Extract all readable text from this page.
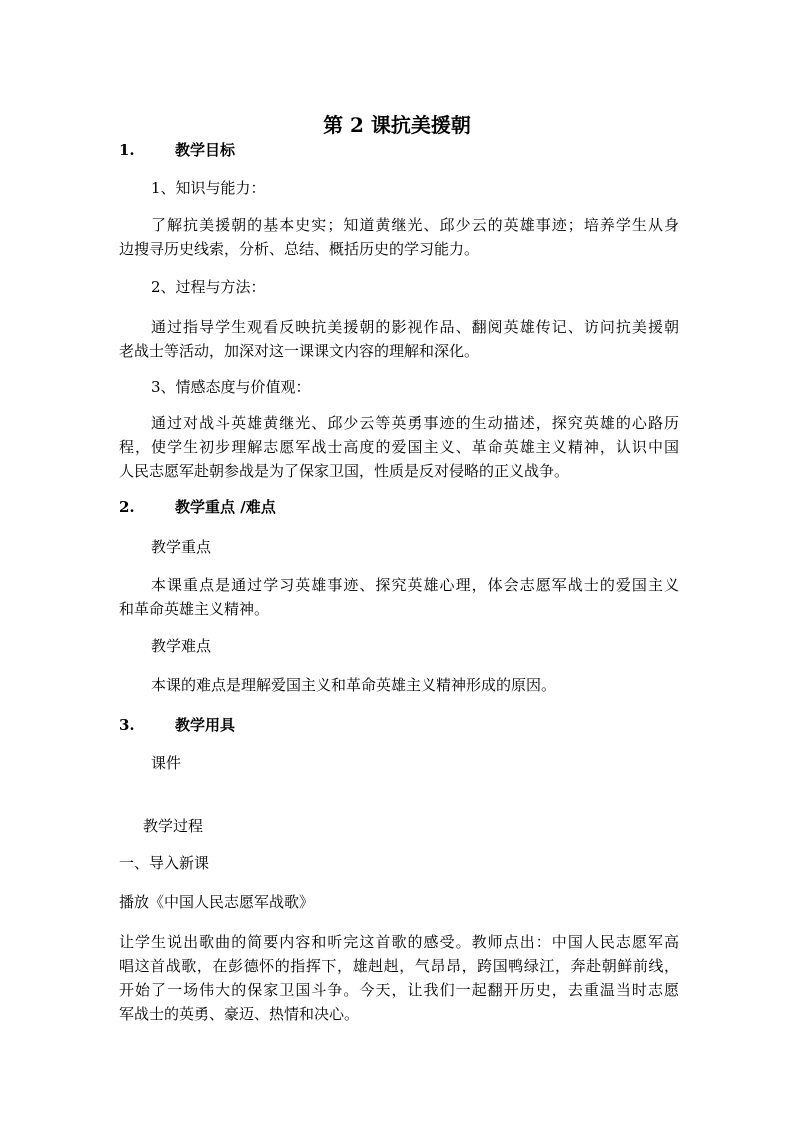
第 2 课抗美援朝
1.	教学目标
1、知识与能力：
了解抗美援朝的基本史实；知道黄继光、邱少云的英雄事迹；培养学生从身
边搜寻历史线索，分析、总结、概括历史的学习能力。
2、过程与方法：
通过指导学生观看反映抗美援朝的影视作品、翻阅英雄传记、访问抗美援朝
老战士等活动，加深对这一课课文内容的理解和深化。
3、情感态度与价值观：
通过对战斗英雄黄继光、邱少云等英勇事迹的生动描述，探究英雄的心路历
程，使学生初步理解志愿军战士高度的爱国主义、革命英雄主义精神，认识中国
人民志愿军赴朝参战是为了保家卫国，性质是反对侵略的正义战争。
2.	教学重点 /难点
教学重点
本课重点是通过学习英雄事迹、探究英雄心理，体会志愿军战士的爱国主义
和革命英雄主义精神。
教学难点
本课的难点是理解爱国主义和革命英雄主义精神形成的原因。
3.	教学用具
课件
教学过程
一、导入新课
播放《中国人民志愿军战歌》
让学生说出歌曲的简要内容和听完这首歌的感受。教师点出：中国人民志愿军高
唱这首战歌，在彭德怀的指挥下，雄赳赳，气昂昂，跨国鸭绿江，奔赴朝鲜前线，
开始了一场伟大的保家卫国斗争。今天，让我们一起翻开历史，去重温当时志愿
军战士的英勇、豪迈、热情和决心。
